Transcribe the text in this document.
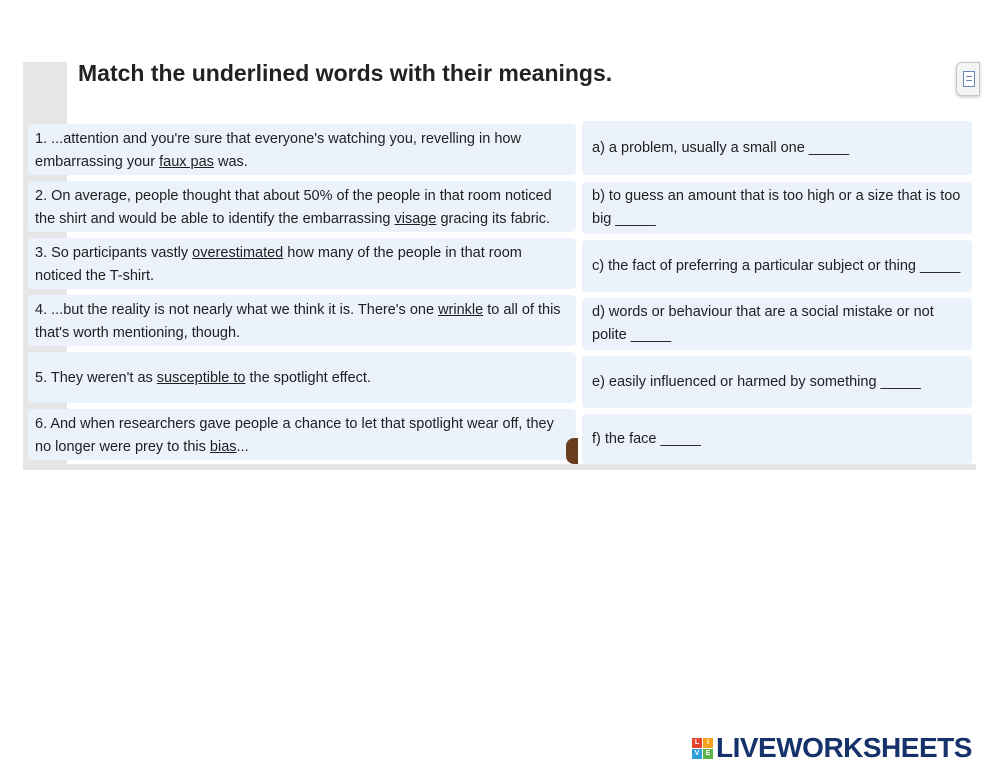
Match the underlined words with their meanings.
1. ...attention and you're sure that everyone's watching you, revelling in how embarrassing your faux pas was.
2. On average, people thought that about 50% of the people in that room noticed the shirt and would be able to identify the embarrassing visage gracing its fabric.
3. So participants vastly overestimated how many of the people in that room noticed the T-shirt.
4. ...but the reality is not nearly what we think it is. There's one wrinkle to all of this that's worth mentioning, though.
5. They weren't as susceptible to the spotlight effect.
6. And when researchers gave people a chance to let that spotlight wear off, they no longer were prey to this bias...
a) a problem, usually a small one _____
b) to guess an amount that is too high or a size that is too big _____
c) the fact of preferring a particular subject or thing _____
d) words or behaviour that are a social mistake or not polite _____
e) easily influenced or harmed by something _____
f) the face _____
L	I
V E LIVEWORKSHEETS
